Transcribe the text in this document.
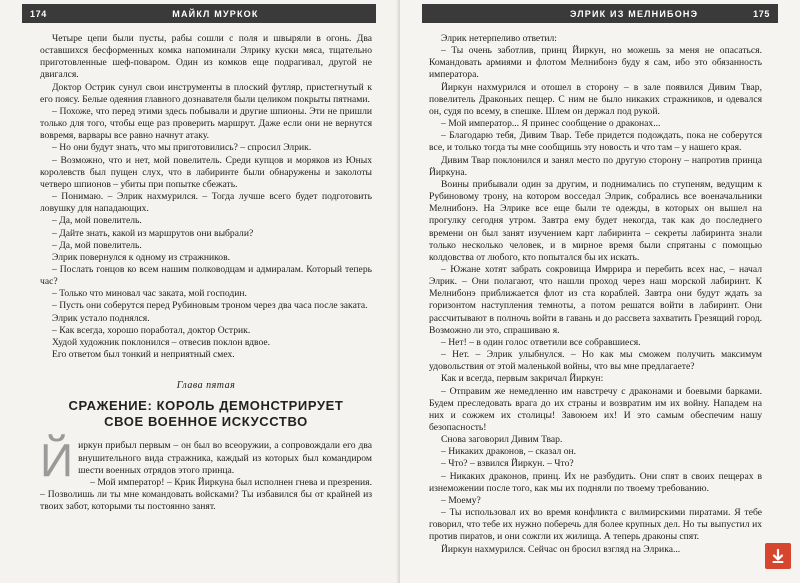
174	МАЙКЛ МУРКОК

Четыре цепи были пусты, рабы сошли с поля и швыряли в огонь. Два оставшихся бесформенных комка напоминали Элрику куски мяса, тщательно приготовленные шеф-поваром. Один из комков еще подрагивал, другой не двигался.

Доктор Острик сунул свои инструменты в плоский футляр, пристегнутый к его поясу. Белые одеяния главного дознавателя были целиком покрыты пятнами.

– Похоже, что перед этими здесь побывали и другие шпионы. Эти не пришли только для того, чтобы еще раз проверить маршрут. Даже если они не вернутся вовремя, варвары все равно начнут атаку.

– Но они будут знать, что мы приготовились? – спросил Элрик.

– Возможно, что и нет, мой повелитель. Среди купцов и моряков из Юных королевств был пущен слух, что в лабиринте были обнаружены и заколоты четверо шпионов – убиты при попытке сбежать.

– Понимаю. – Элрик нахмурился. – Тогда лучше всего будет подготовить ловушку для нападающих.

– Да, мой повелитель.

– Дайте знать, какой из маршрутов они выбрали?

– Да, мой повелитель.

Элрик повернулся к одному из стражников.

– Послать гонцов ко всем нашим полководцам и адмиралам. Который теперь час?

– Только что миновал час заката, мой господин.

– Пусть они соберутся перед Рубиновым троном через два часа после заката.

Элрик устало поднялся.

– Как всегда, хорошо поработал, доктор Острик.

Худой художник поклонился – отвесив поклон вдвое.

Его ответом был тонкий и неприятный смех.

Глава пятая
СРАЖЕНИЕ: КОРОЛЬ ДЕМОНСТРИРУЕТ
СВОЕ ВОЕННОЕ ИСКУССТВО
Й иркун прибыл первым – он был во всеоружии, а сопровождали его два внушительного вида стражника, каждый из которых был командиром шести военных отрядов этого принца.

– Мой император! – Крик Йиркуна был исполнен гнева и презрения. – Позволишь ли ты мне командовать войсками? Ты избавился бы от крайней из твоих забот, которыми ты постоянно занят.

ЭЛРИК ИЗ МЕЛНИБОНЭ	175

Элрик нетерпеливо ответил:

– Ты очень заботлив, принц Йиркун, но можешь за меня не опасаться. Командовать армиями и флотом Мелнибонэ буду я сам, ибо это обязанность императора.

Йиркун нахмурился и отошел в сторону – в зале появился Дивим Твар, повелитель Драконьих пещер. С ним не было никаких стражников, и одевался он, судя по всему, в спешке. Шлем он держал под рукой.

– Мой император... Я принес сообщение о драконах...

– Благодарю тебя, Дивим Твар. Тебе придется подождать, пока не соберутся все, и только тогда ты мне сообщишь эту новость и что там – у нашего края.

Дивим Твар поклонился и занял место по другую сторону – напротив принца Йиркуна.

Воины прибывали один за другим, и поднимались по ступеням, ведущим к Рубиновому трону, на котором восседал Элрик, собрались все военачальники Мелнибонэ. На Элрике все еще были те одежды, в которых он вышел на прогулку сегодня утром. Завтра ему будет некогда, так как до последнего времени он был занят изучением карт лабиринта – секреты лабиринта знали только несколько человек, и в мирное время были спрятаны с помощью колдовства от любого, кто попытался бы их искать.

– Южане хотят забрать сокровища Имррира и перебить всех нас, – начал Элрик. – Они полагают, что нашли проход через наш морской лабиринт. К Мелнибонэ приближается флот из ста кораблей. Завтра они будут ждать за горизонтом наступления темноты, а потом решатся войти в лабиринт. Они рассчитывают в полночь войти в гавань и до рассвета захватить Грезящий город. Возможно ли это, спрашиваю я.

– Нет! – в один голос ответили все собравшиеся.

– Нет. – Элрик улыбнулся. – Но как мы сможем получить максимум удовольствия от этой маленькой войны, что вы мне предлагаете?

Как и всегда, первым закричал Йиркун:

– Отправим же немедленно им навстречу с драконами и боевыми барками. Будем преследовать врага до их страны и возвратим им их войну. Нападем на них и сожжем их столицы! Завоюем их! И это самым обеспечим нашу безопасность!

Снова заговорил Дивим Твар.

– Никаких драконов, – сказал он.

– Что? – взвился Йиркун. – Что?

– Никаких драконов, принц. Их не разбудить. Они спят в своих пещерах в изнеможении после того, как мы их подняли по твоему требованию.

– Моему?

– Ты использовал их во время конфликта с вилмирскими пиратами. Я тебе говорил, что тебе их нужно поберечь для более крупных дел. Но ты выпустил их против пиратов, и они сожгли их жилища. А теперь драконы спят.

Йиркун нахмурился. Сейчас он бросил взгляд на Элрика...
